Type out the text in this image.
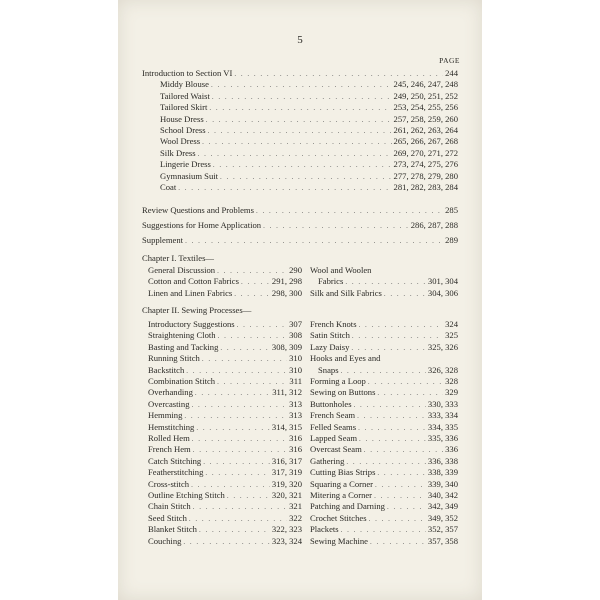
5
PAGE
Introduction to Section VI . . .	244
Middy Blouse . . .	245, 246, 247, 248
Tailored Waist . . .	249, 250, 251, 252
Tailored Skirt . . .	253, 254, 255, 256
House Dress . . .	257, 258, 259, 260
School Dress . . .	261, 262, 263, 264
Wool Dress . . .	265, 266, 267, 268
Silk Dress . . .	269, 270, 271, 272
Lingerie Dress . . .	273, 274, 275, 276
Gymnasium Suit . . .	277, 278, 279, 280
Coat . . .	281, 282, 283, 284
Review Questions and Problems . . .	285
Suggestions for Home Application . . .	286, 287, 288
Supplement . . .	289
Chapter I. Textiles—
General Discussion . . .	290
Cotton and Cotton Fabrics . . .	291, 298
Linen and Linen Fabrics . . .	298, 300
Wool and Woolen
Fabrics . . .	301, 304
Silk and Silk Fabrics . . .	304, 306
Chapter II. Sewing Processes—
Introductory Suggestions . . .	307
Straightening Cloth . . .	308
Basting and Tacking . . .	308, 309
Running Stitch . . .	310
Backstitch . . .	310
Combination Stitch . . .	311
Overhanding . . .	311, 312
Overcasting . . .	313
Hemming . . .	313
Hemstitching . . .	314, 315
Rolled Hem . . .	316
French Hem . . .	316
Catch Stitching . . .	316, 317
Featherstitching . . .	317, 319
Cross-stitch . . .	319, 320
Outline Etching Stitch . . .	320, 321
Chain Stitch . . .	321
Seed Stitch . . .	322
Blanket Stitch . . .	322, 323
Couching . . .	323, 324
French Knots . . .	324
Satin Stitch . . .	325
Lazy Daisy . . .	325, 326
Hooks and Eyes and
Snaps . . .	326, 328
Forming a Loop . . .	328
Sewing on Buttons . . .	329
Buttonholes . . .	330, 333
French Seam . . .	333, 334
Felled Seams . . .	334, 335
Lapped Seam . . .	335, 336
Overcast Seam . . .	336
Gathering . . .	336, 338
Cutting Bias Strips . . .	338, 339
Squaring a Corner . . .	339, 340
Mitering a Corner . . .	340, 342
Patching and Darning . . .	342, 349
Crochet Stitches . . .	349, 352
Plackets . . .	352, 357
Sewing Machine . . .	357, 358
